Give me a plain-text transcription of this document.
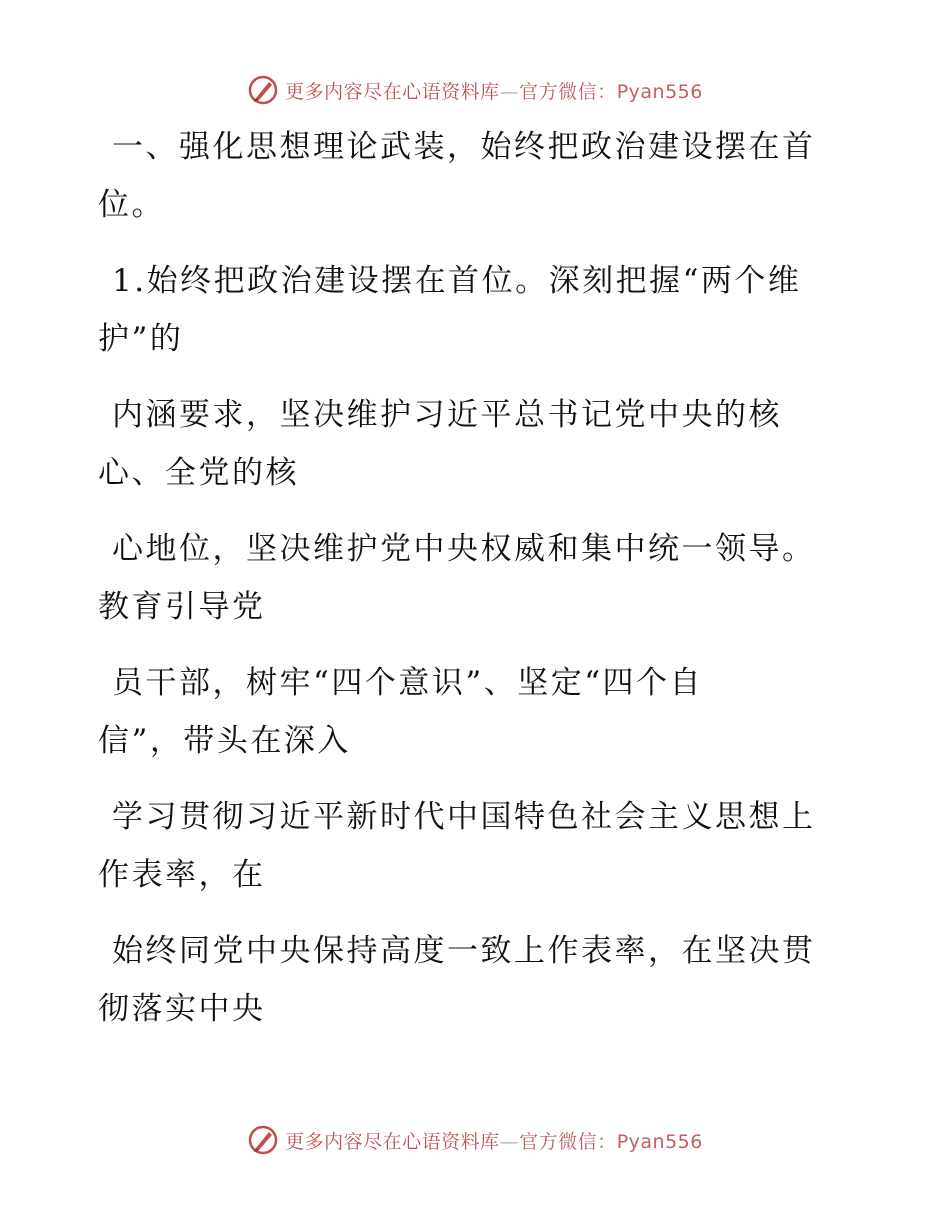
更多内容尽在心语资料库—官方微信：Pyan556

一、强化思想理论武装，始终把政治建设摆在首
位。

1.始终把政治建设摆在首位。深刻把握“两个维
护”的

内涵要求，坚决维护习近平总书记党中央的核
心、全党的核

心地位，坚决维护党中央权威和集中统一领导。
教育引导党

员干部，树牢“四个意识”、坚定“四个自
信”，带头在深入

学习贯彻习近平新时代中国特色社会主义思想上
作表率，在

始终同党中央保持高度一致上作表率，在坚决贯
彻落实中央

更多内容尽在心语资料库—官方微信：Pyan556
